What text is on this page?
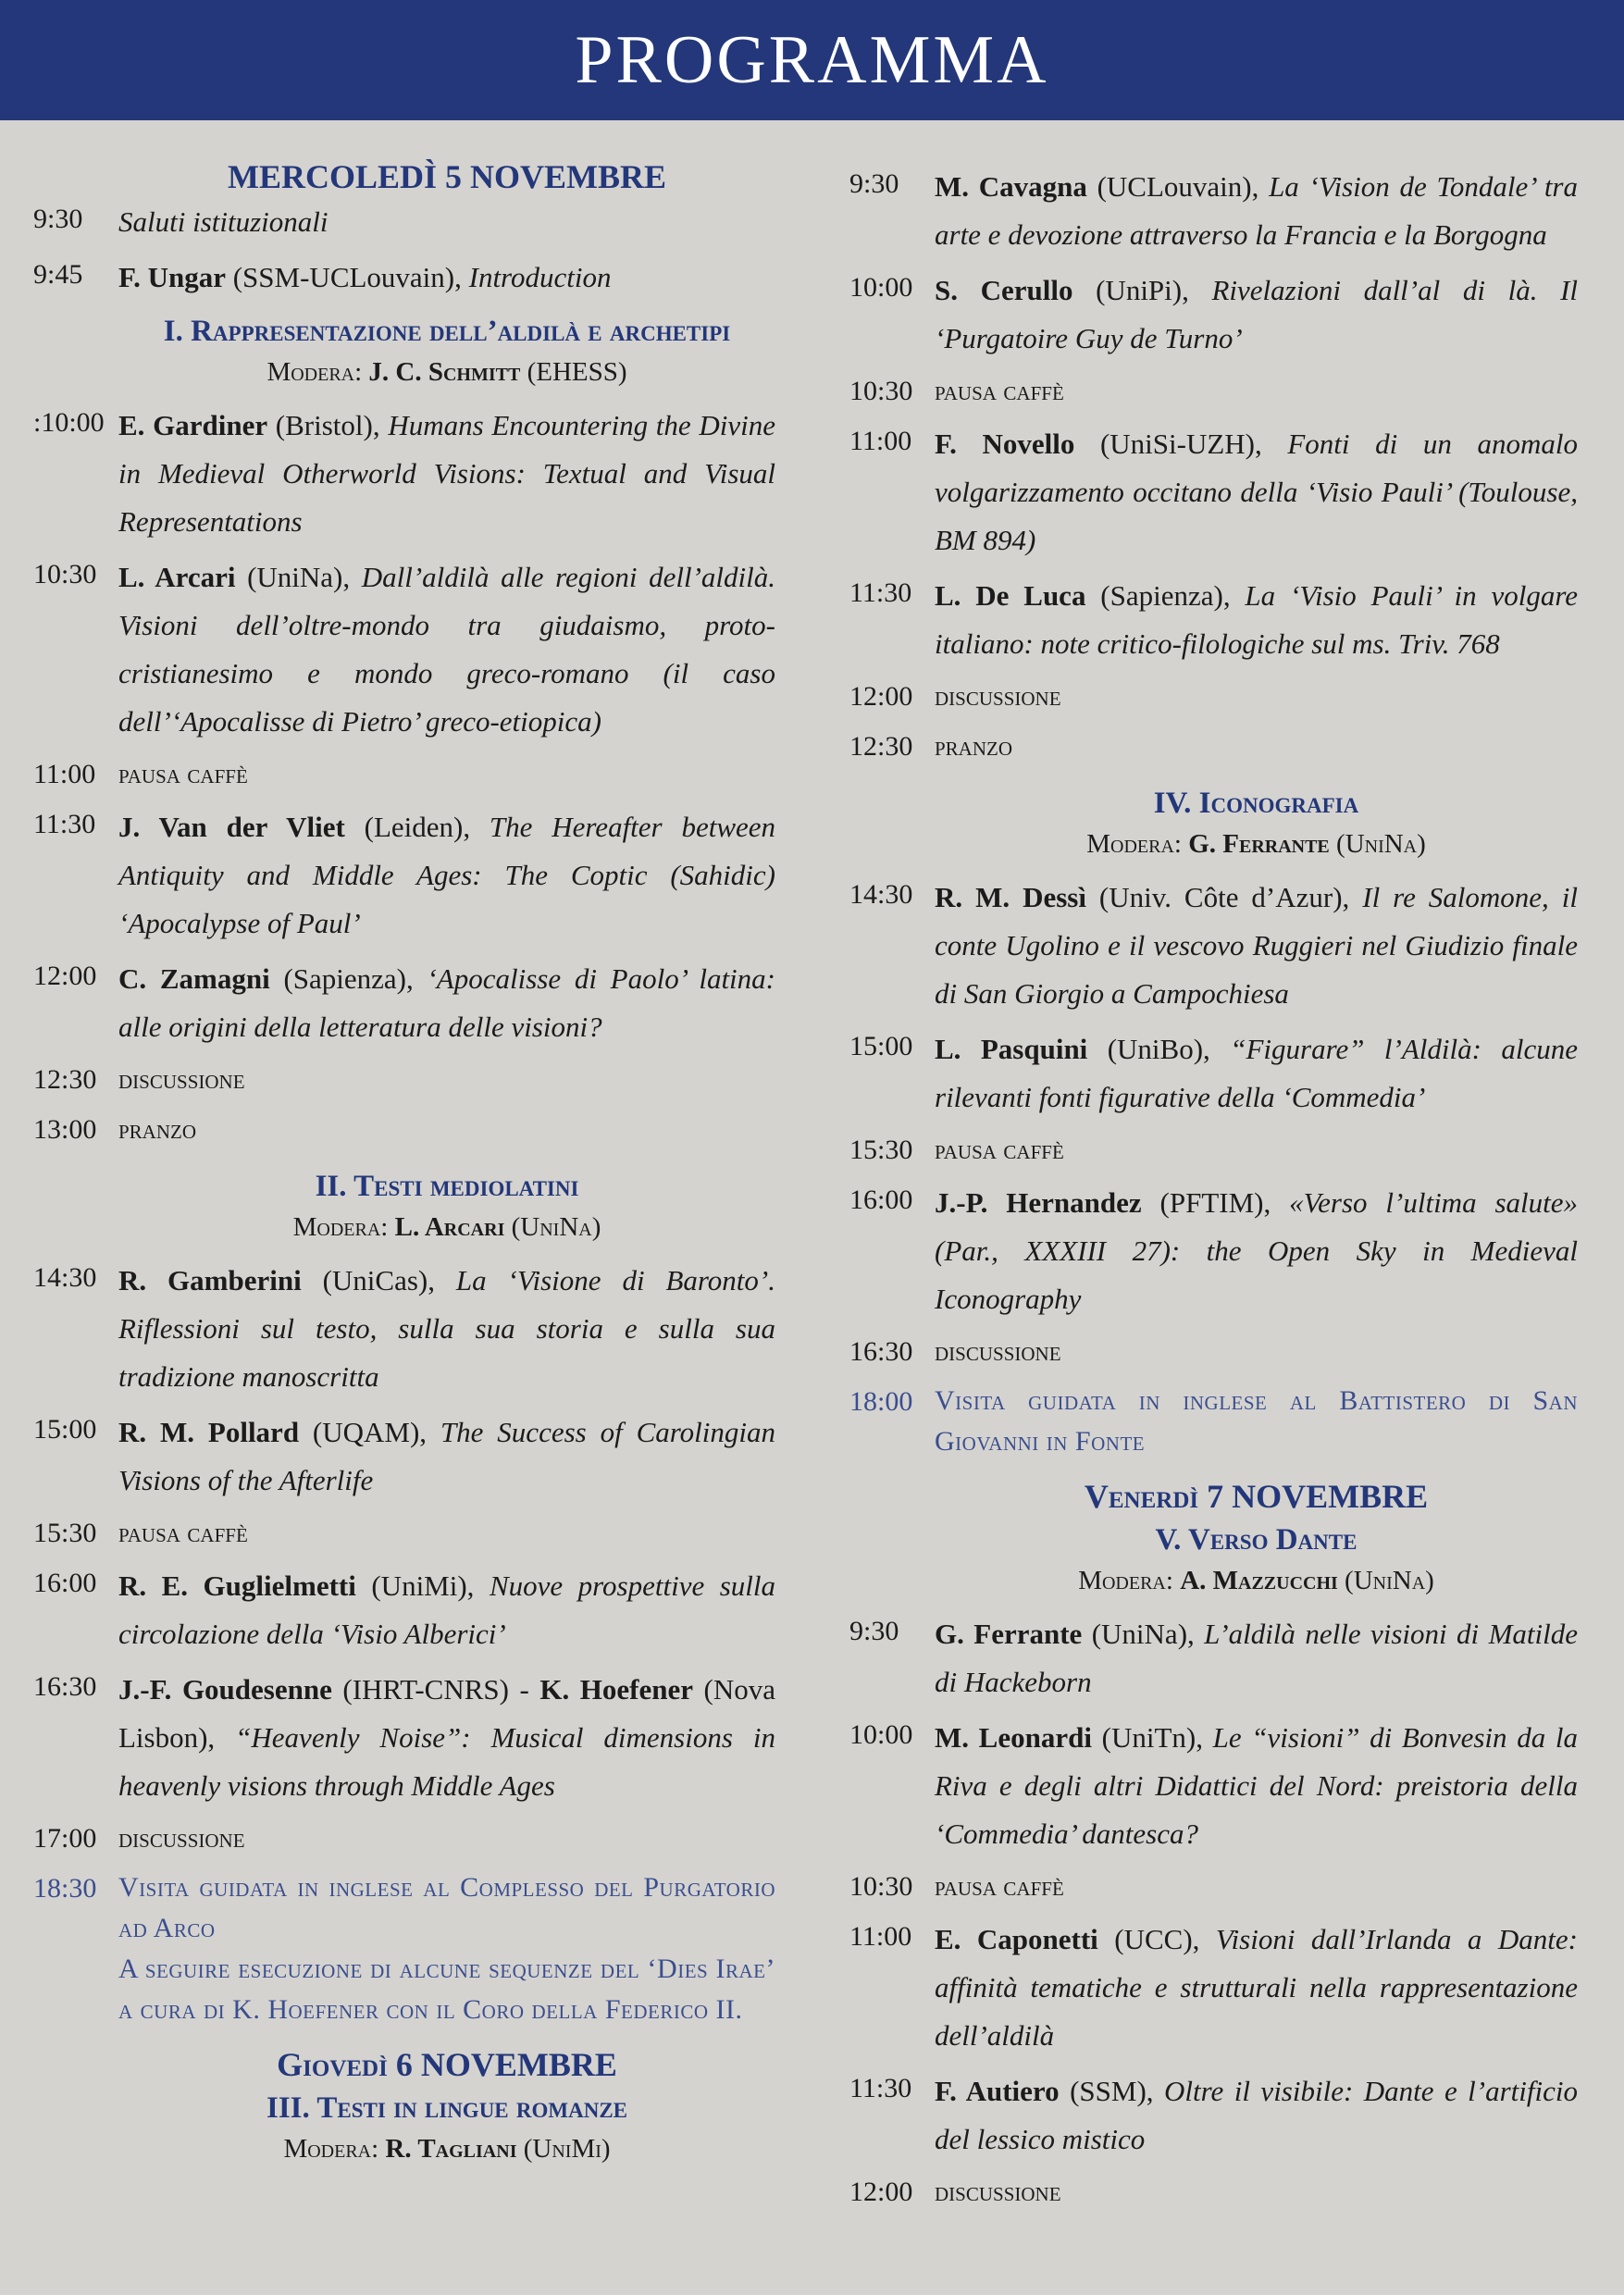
PROGRAMMA
MERCOLEDÌ 5 NOVEMBRE
9:30	Saluti istituzionali
9:45	F. Ungar (SSM-UCLouvain), Introduction
I. Rappresentazione dell’aldilà e archetipi
Modera: J. C. Schmitt (EHESS)
:10:00 E. Gardiner (Bristol), Humans Encountering the Divine in Medieval Otherworld Visions: Textual and Visual Representations
10:30 L. Arcari (UniNa), Dall’aldilà alle regioni dell’aldilà. Visioni dell’oltre-mondo tra giudaismo, proto-cristianesimo e mondo greco-romano (il caso dell’‘Apocalisse di Pietro’ greco-etiopica)
11:00 pausa caffè
11:30 J. Van der Vliet (Leiden), The Hereafter between Antiquity and Middle Ages: The Coptic (Sahidic) ‘Apocalypse of Paul’
12:00 C. Zamagni (Sapienza), ‘Apocalisse di Paolo’ latina: alle origini della letteratura delle visioni?
12:30 discussione
13:00 pranzo
II. Testi mediolatini
Modera: L. Arcari (UniNa)
14:30 R. Gamberini (UniCas), La ‘Visione di Baronto’. Riflessioni sul testo, sulla sua storia e sulla sua tradizione manoscritta
15:00 R. M. Pollard (UQAM), The Success of Carolingian Visions of the Afterlife
15:30 pausa caffè
16:00 R. E. Guglielmetti (UniMi), Nuove prospettive sulla circolazione della ‘Visio Alberici’
16:30 J.-F. Goudesenne (IHRT-CNRS) - K. Hoefener (Nova Lisbon), “Heavenly Noise”: Musical dimensions in heavenly visions through Middle Ages
17:00 discussione
18:30 Visita guidata in inglese al Complesso del Purgatorio ad Arco
A seguire esecuzione di alcune sequenze del ‘Dies Irae’ a cura di K. Hoefener con il Coro della Federico II.
Giovedì 6 NOVEMBRE
III. Testi in lingue romanze
Modera: R. Tagliani (UniMi)
9:30	M. Cavagna (UCLouvain), La ‘Vision de Tondale’ tra arte e devozione attraverso la Francia e la Borgogna
10:00 S. Cerullo (UniPi), Rivelazioni dall’al di là. Il ‘Purgatoire Guy de Turno’
10:30 pausa caffè
11:00 F. Novello (UniSi-UZH), Fonti di un anomalo volgarizzamento occitano della ‘Visio Pauli’ (Toulouse, BM 894)
11:30 L. De Luca (Sapienza), La ‘Visio Pauli’ in volgare italiano: note critico-filologiche sul ms. Triv. 768
12:00 discussione
12:30 pranzo
IV. Iconografia
Modera: G. Ferrante (UniNa)
14:30 R. M. Dessì (Univ. Côte d’Azur), Il re Salomone, il conte Ugolino e il vescovo Ruggieri nel Giudizio finale di San Giorgio a Campochiesa
15:00 L. Pasquini (UniBo), “Figurare” l’Aldilà: alcune rilevanti fonti figurative della ‘Commedia’
15:30 pausa caffè
16:00 J.-P. Hernandez (PFTIM), «Verso l’ultima salute» (Par., XXXIII 27): the Open Sky in Medieval Iconography
16:30 discussione
18:00 Visita guidata in inglese al Battistero di San Giovanni in Fonte
Venerdì 7 NOVEMBRE
V. Verso Dante
Modera: A. Mazzucchi (UniNa)
9:30	G. Ferrante (UniNa), L’aldilà nelle visioni di Matilde di Hackeborn
10:00 M. Leonardi (UniTn), Le “visioni” di Bonvesin da la Riva e degli altri Didattici del Nord: preistoria della ‘Commedia’ dantesca?
10:30 pausa caffè
11:00 E. Caponetti (UCC), Visioni dall’Irlanda a Dante: affinità tematiche e strutturali nella rappresentazione dell’aldilà
11:30 F. Autiero (SSM), Oltre il visibile: Dante e l’artificio del lessico mistico
12:00 discussione
